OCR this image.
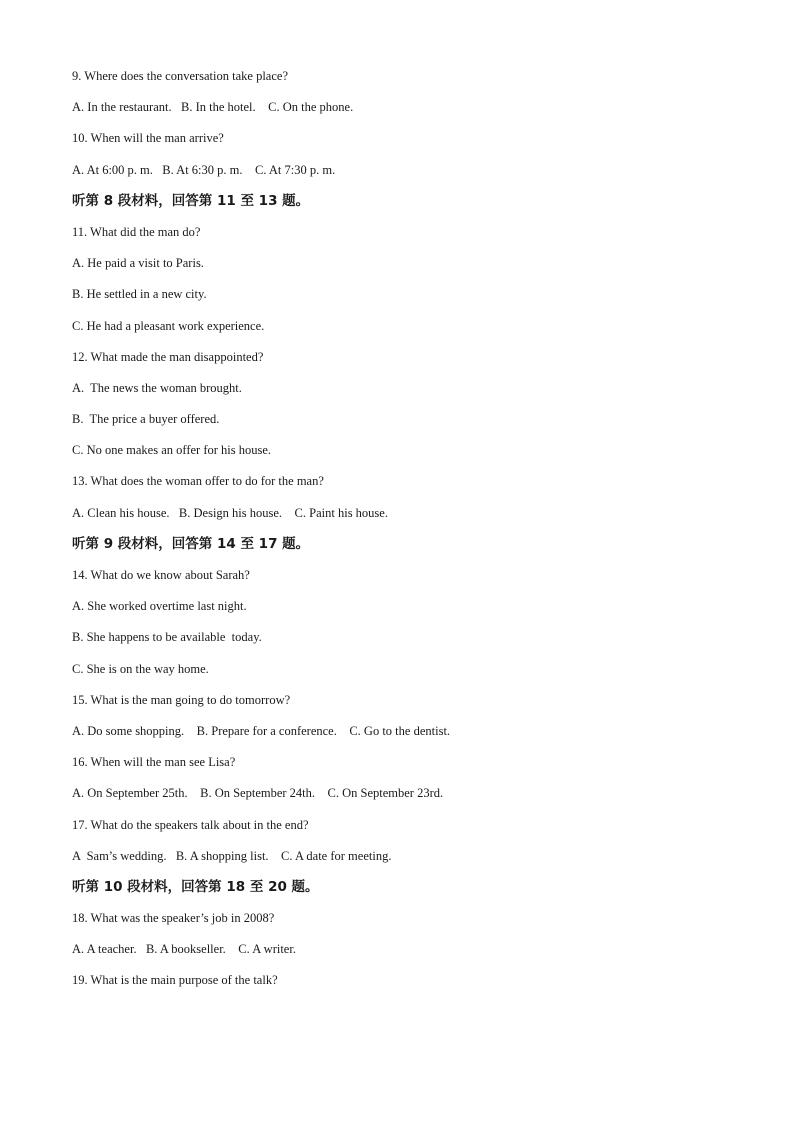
9. Where does the conversation take place?
A. In the restaurant.   B. In the hotel.    C. On the phone.
10. When will the man arrive?
A. At 6:00 p. m.   B. At 6:30 p. m.    C. At 7:30 p. m.
听第 8 段材料，回答第 11 至 13 题。
11. What did the man do?
A. He paid a visit to Paris.
B. He settled in a new city.
C. He had a pleasant work experience.
12. What made the man disappointed?
A.  The news the woman brought.
B.  The price a buyer offered.
C. No one makes an offer for his house.
13. What does the woman offer to do for the man?
A. Clean his house.   B. Design his house.    C. Paint his house.
听第 9 段材料，回答第 14 至 17 题。
14. What do we know about Sarah?
A. She worked overtime last night.
B. She happens to be available  today.
C. She is on the way home.
15. What is the man going to do tomorrow?
A. Do some shopping.    B. Prepare for a conference.    C. Go to the dentist.
16. When will the man see Lisa?
A. On September 25th.    B. On September 24th.    C. On September 23rd.
17. What do the speakers talk about in the end?
A  Sam’s wedding.   B. A shopping list.    C. A date for meeting.
听第 10 段材料，回答第 18 至 20 题。
18. What was the speaker’s job in 2008?
A. A teacher.   B. A bookseller.    C. A writer.
19. What is the main purpose of the talk?
